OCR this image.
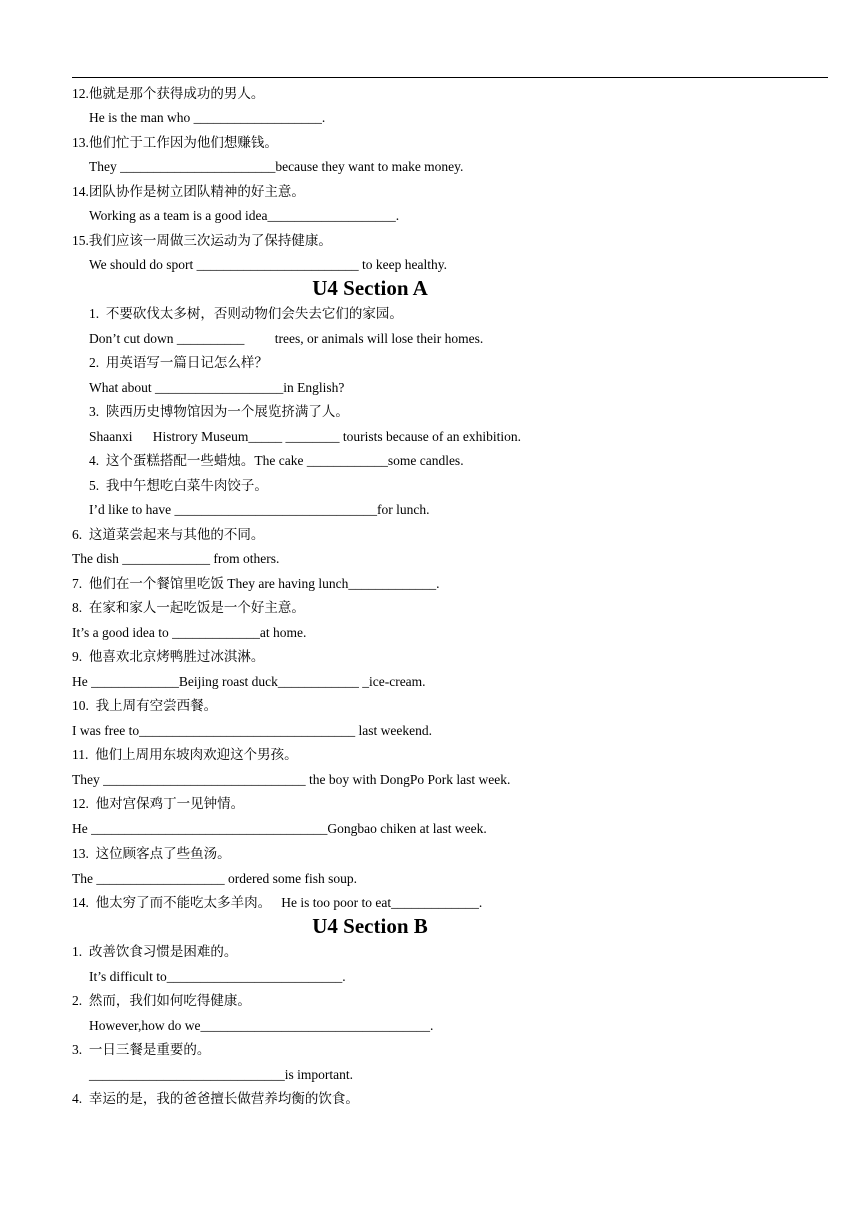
12.他就是那个获得成功的男人。
He is the man who ___________________.
13.他们忙于工作因为他们想赚钱。
They _______________________because they want to make money.
14.团队协作是树立团队精神的好主意。
Working as a team is a good idea___________________.
15.我们应该一周做三次运动为了保持健康。
We should do sport ________________________ to keep healthy.
U4 Section A
1.  不要砍伐太多树，否则动物们会失去它们的家园。
Don’t cut down __________         trees, or animals will lose their homes.
2.  用英语写一篇日记怎么样？
What about ___________________in English?
3.  陕西历史博物馆因为一个展览挤满了人。
Shaanxi      Histrory Museum_____ ________ tourists because of an exhibition.
4.  这个蛋糕搭配一些蜡烛。The cake ____________some candles.
5.  我中午想吃白菜牛肉饺子。
I’d like to have ______________________________for lunch.
6.  这道菜尝起来与其他的不同。
The dish _____________ from others.
7.  他们在一个餐馆里吃饭 They are having lunch_____________.
8.  在家和家人一起吃饭是一个好主意。
It’s a good idea to _____________at home.
9.  他喜欢北京烤鸭胜过冰淇淋。
He _____________Beijing roast duck____________ _ice-cream.
10.  我上周有空尝西餐。
I was free to________________________________ last weekend.
11.  他们上周用东坡肉欢迎这个男孩。
They ______________________________ the boy with DongPo Pork last week.
12.  他对宫保鸡丁一见钟情。
He ___________________________________Gongbao chiken at last week.
13.  这位顾客点了些鱼汤。
The ___________________ ordered some fish soup.
14.  他太穷了而不能吃太多羊肉。   He is too poor to eat_____________.
U4 Section B
1.  改善饮食习惯是困难的。
It’s difficult to__________________________.
2.  然而，我们如何吃得健康。
However,how do we__________________________________.
3.  一日三餐是重要的。
_____________________________is important.
4.  幸运的是，我的爸爸擅长做营养均衡的饮食。
